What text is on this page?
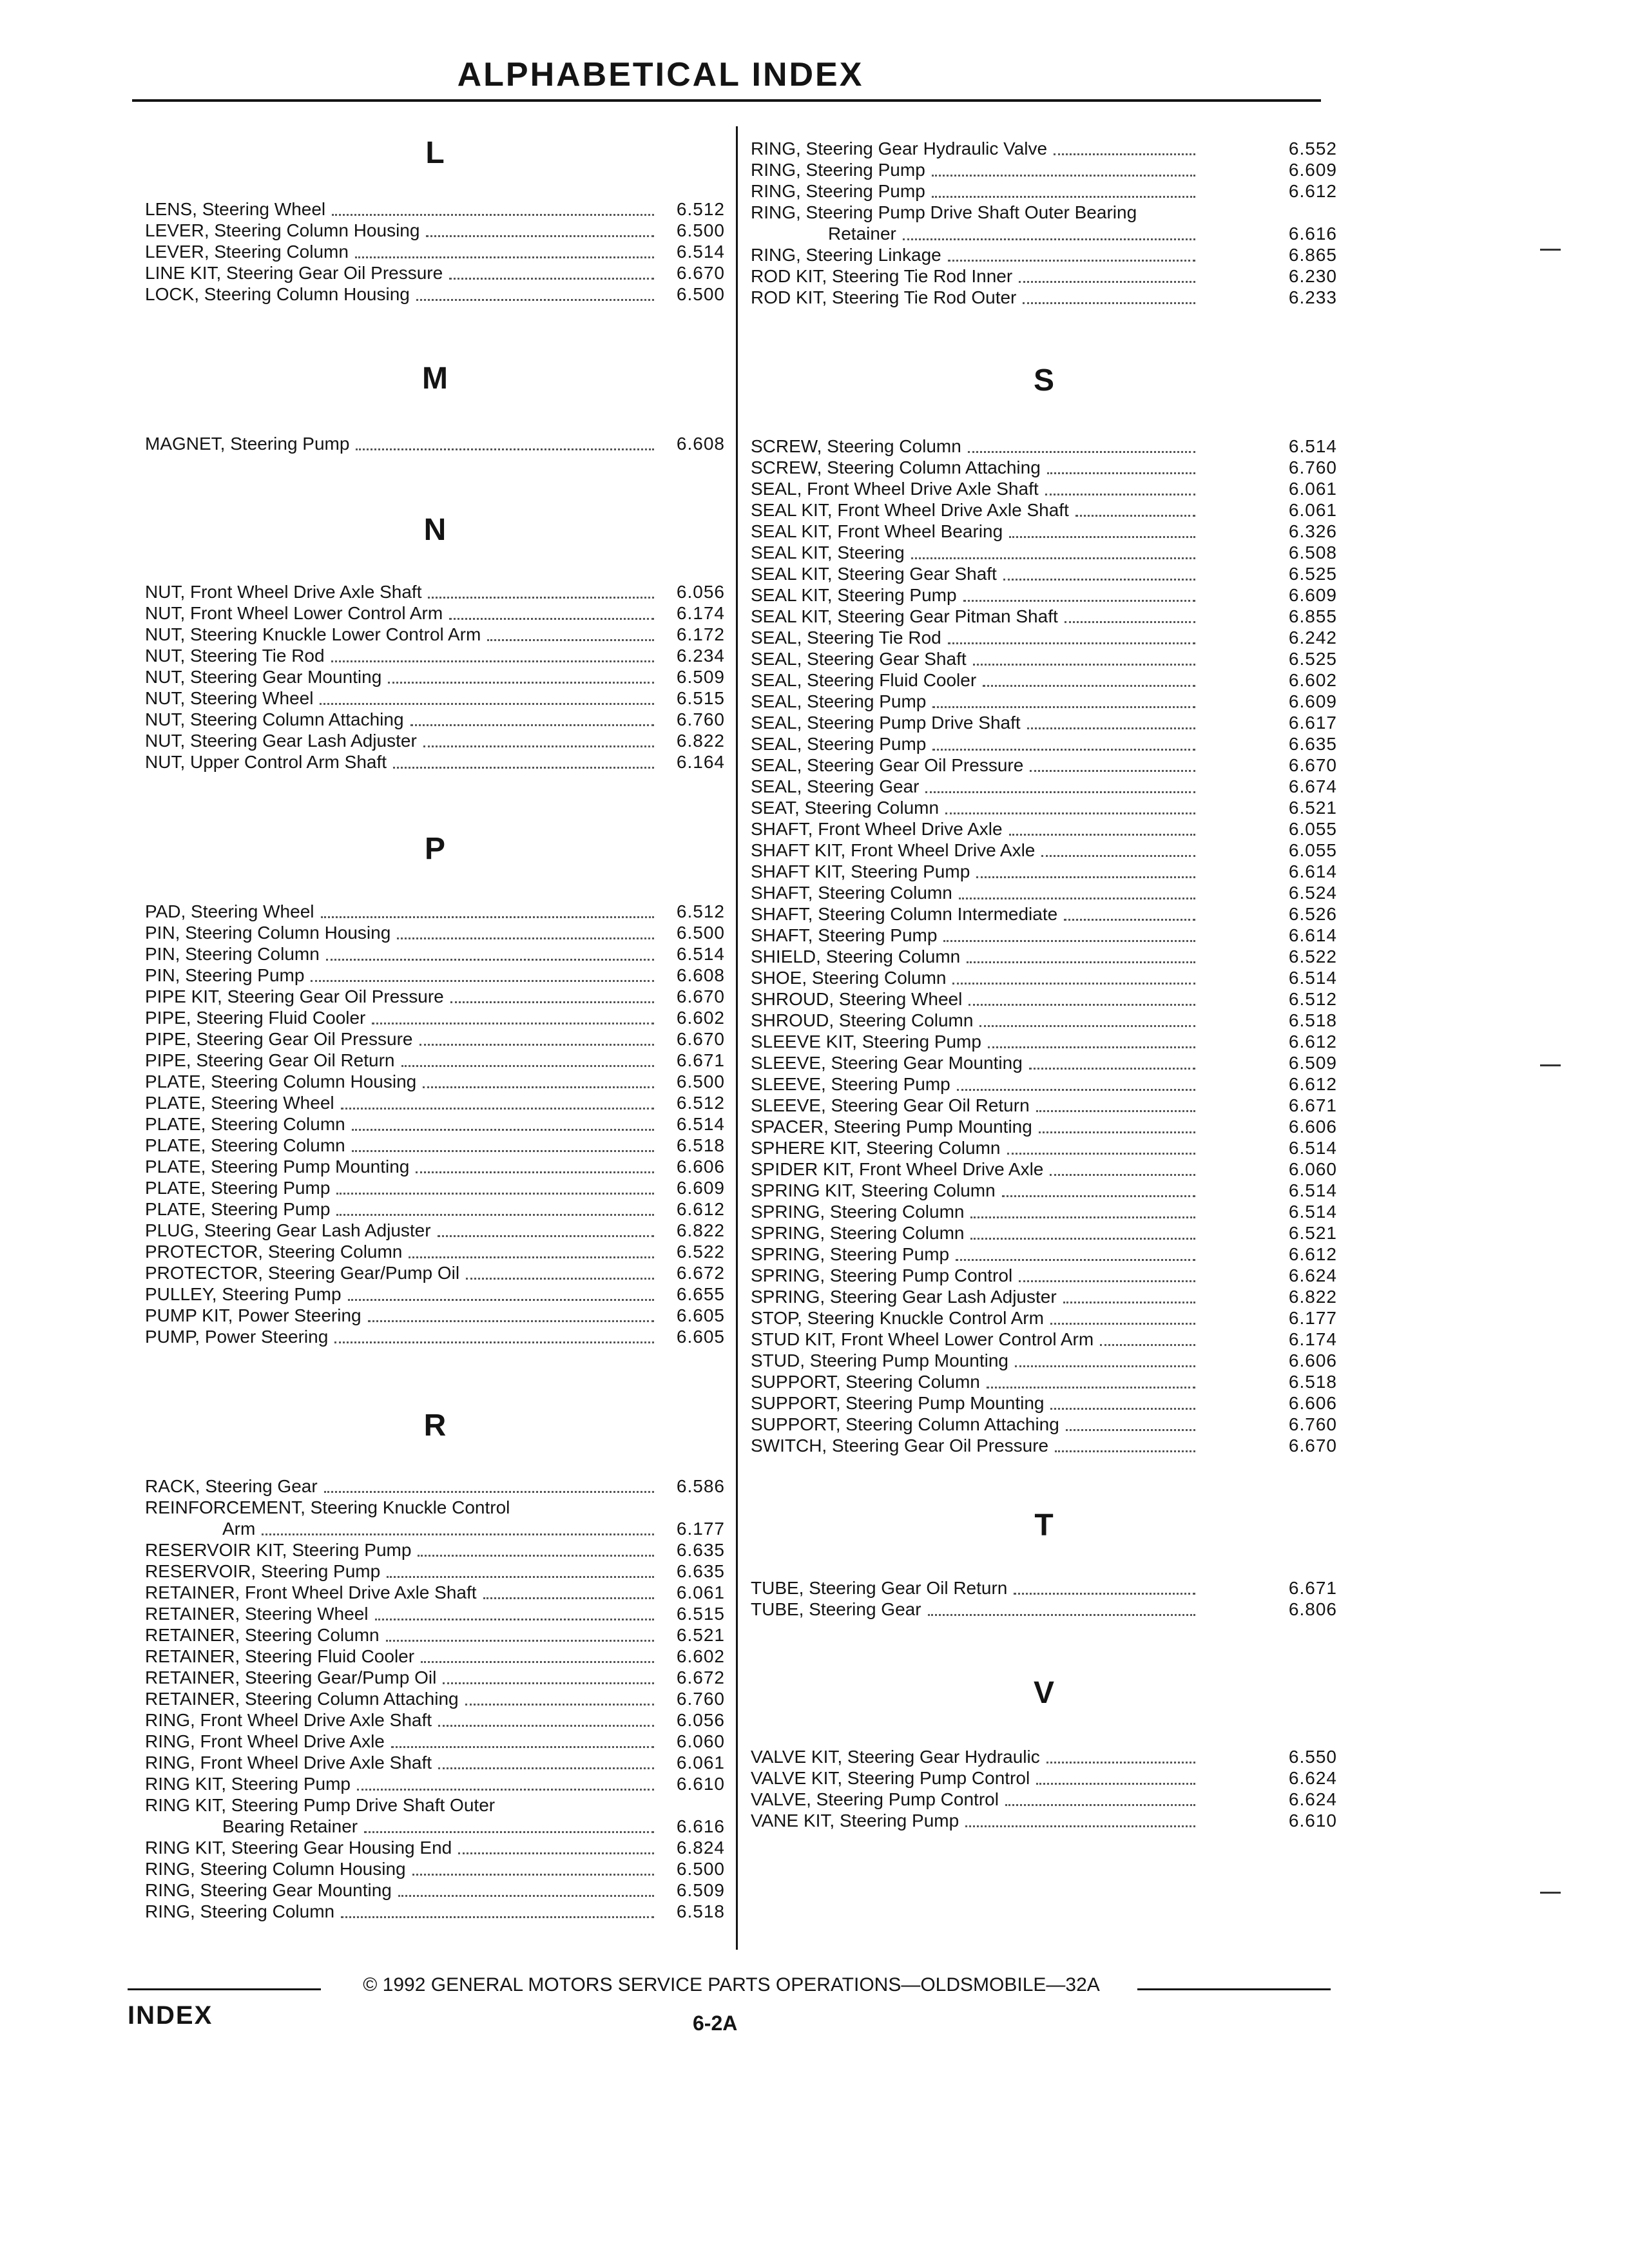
ALPHABETICAL INDEX
L
LENS, Steering Wheel	6.512
LEVER, Steering Column Housing	6.500
LEVER, Steering Column	6.514
LINE KIT, Steering Gear Oil Pressure	6.670
LOCK, Steering Column Housing	6.500
M
MAGNET, Steering Pump	6.608
N
NUT, Front Wheel Drive Axle Shaft	6.056
NUT, Front Wheel Lower Control Arm	6.174
NUT, Steering Knuckle Lower Control Arm	6.172
NUT, Steering Tie Rod	6.234
NUT, Steering Gear Mounting	6.509
NUT, Steering Wheel	6.515
NUT, Steering Column Attaching	6.760
NUT, Steering Gear Lash Adjuster	6.822
NUT, Upper Control Arm Shaft	6.164
P
PAD, Steering Wheel	6.512
PIN, Steering Column Housing	6.500
PIN, Steering Column	6.514
PIN, Steering Pump	6.608
PIPE KIT, Steering Gear Oil Pressure	6.670
PIPE, Steering Fluid Cooler	6.602
PIPE, Steering Gear Oil Pressure	6.670
PIPE, Steering Gear Oil Return	6.671
PLATE, Steering Column Housing	6.500
PLATE, Steering Wheel	6.512
PLATE, Steering Column	6.514
PLATE, Steering Column	6.518
PLATE, Steering Pump Mounting	6.606
PLATE, Steering Pump	6.609
PLATE, Steering Pump	6.612
PLUG, Steering Gear Lash Adjuster	6.822
PROTECTOR, Steering Column	6.522
PROTECTOR, Steering Gear/Pump Oil	6.672
PULLEY, Steering Pump	6.655
PUMP KIT, Power Steering	6.605
PUMP, Power Steering	6.605
R
RACK, Steering Gear	6.586
REINFORCEMENT, Steering Knuckle Control
Arm	6.177
RESERVOIR KIT, Steering Pump	6.635
RESERVOIR, Steering Pump	6.635
RETAINER, Front Wheel Drive Axle Shaft	6.061
RETAINER, Steering Wheel	6.515
RETAINER, Steering Column	6.521
RETAINER, Steering Fluid Cooler	6.602
RETAINER, Steering Gear/Pump Oil	6.672
RETAINER, Steering Column Attaching	6.760
RING, Front Wheel Drive Axle Shaft	6.056
RING, Front Wheel Drive Axle	6.060
RING, Front Wheel Drive Axle Shaft	6.061
RING KIT, Steering Pump	6.610
RING KIT, Steering Pump Drive Shaft Outer
Bearing Retainer	6.616
RING KIT, Steering Gear Housing End	6.824
RING, Steering Column Housing	6.500
RING, Steering Gear Mounting	6.509
RING, Steering Column	6.518
RING, Steering Gear Hydraulic Valve	6.552
RING, Steering Pump	6.609
RING, Steering Pump	6.612
RING, Steering Pump Drive Shaft Outer Bearing
Retainer	6.616
RING, Steering Linkage	6.865
ROD KIT, Steering Tie Rod Inner	6.230
ROD KIT, Steering Tie Rod Outer	6.233
S
SCREW, Steering Column	6.514
SCREW, Steering Column Attaching	6.760
SEAL, Front Wheel Drive Axle Shaft	6.061
SEAL KIT, Front Wheel Drive Axle Shaft	6.061
SEAL KIT, Front Wheel Bearing	6.326
SEAL KIT, Steering	6.508
SEAL KIT, Steering Gear Shaft	6.525
SEAL KIT, Steering Pump	6.609
SEAL KIT, Steering Gear Pitman Shaft	6.855
SEAL, Steering Tie Rod	6.242
SEAL, Steering Gear Shaft	6.525
SEAL, Steering Fluid Cooler	6.602
SEAL, Steering Pump	6.609
SEAL, Steering Pump Drive Shaft	6.617
SEAL, Steering Pump	6.635
SEAL, Steering Gear Oil Pressure	6.670
SEAL, Steering Gear	6.674
SEAT, Steering Column	6.521
SHAFT, Front Wheel Drive Axle	6.055
SHAFT KIT, Front Wheel Drive Axle	6.055
SHAFT KIT, Steering Pump	6.614
SHAFT, Steering Column	6.524
SHAFT, Steering Column Intermediate	6.526
SHAFT, Steering Pump	6.614
SHIELD, Steering Column	6.522
SHOE, Steering Column	6.514
SHROUD, Steering Wheel	6.512
SHROUD, Steering Column	6.518
SLEEVE KIT, Steering Pump	6.612
SLEEVE, Steering Gear Mounting	6.509
SLEEVE, Steering Pump	6.612
SLEEVE, Steering Gear Oil Return	6.671
SPACER, Steering Pump Mounting	6.606
SPHERE KIT, Steering Column	6.514
SPIDER KIT, Front Wheel Drive Axle	6.060
SPRING KIT, Steering Column	6.514
SPRING, Steering Column	6.514
SPRING, Steering Column	6.521
SPRING, Steering Pump	6.612
SPRING, Steering Pump Control	6.624
SPRING, Steering Gear Lash Adjuster	6.822
STOP, Steering Knuckle Control Arm	6.177
STUD KIT, Front Wheel Lower Control Arm	6.174
STUD, Steering Pump Mounting	6.606
SUPPORT, Steering Column	6.518
SUPPORT, Steering Pump Mounting	6.606
SUPPORT, Steering Column Attaching	6.760
SWITCH, Steering Gear Oil Pressure	6.670
T
TUBE, Steering Gear Oil Return	6.671
TUBE, Steering Gear	6.806
V
VALVE KIT, Steering Gear Hydraulic	6.550
VALVE KIT, Steering Pump Control	6.624
VALVE, Steering Pump Control	6.624
VANE KIT, Steering Pump	6.610
© 1992 GENERAL MOTORS SERVICE PARTS OPERATIONS—OLDSMOBILE—32A
INDEX	6-2A
